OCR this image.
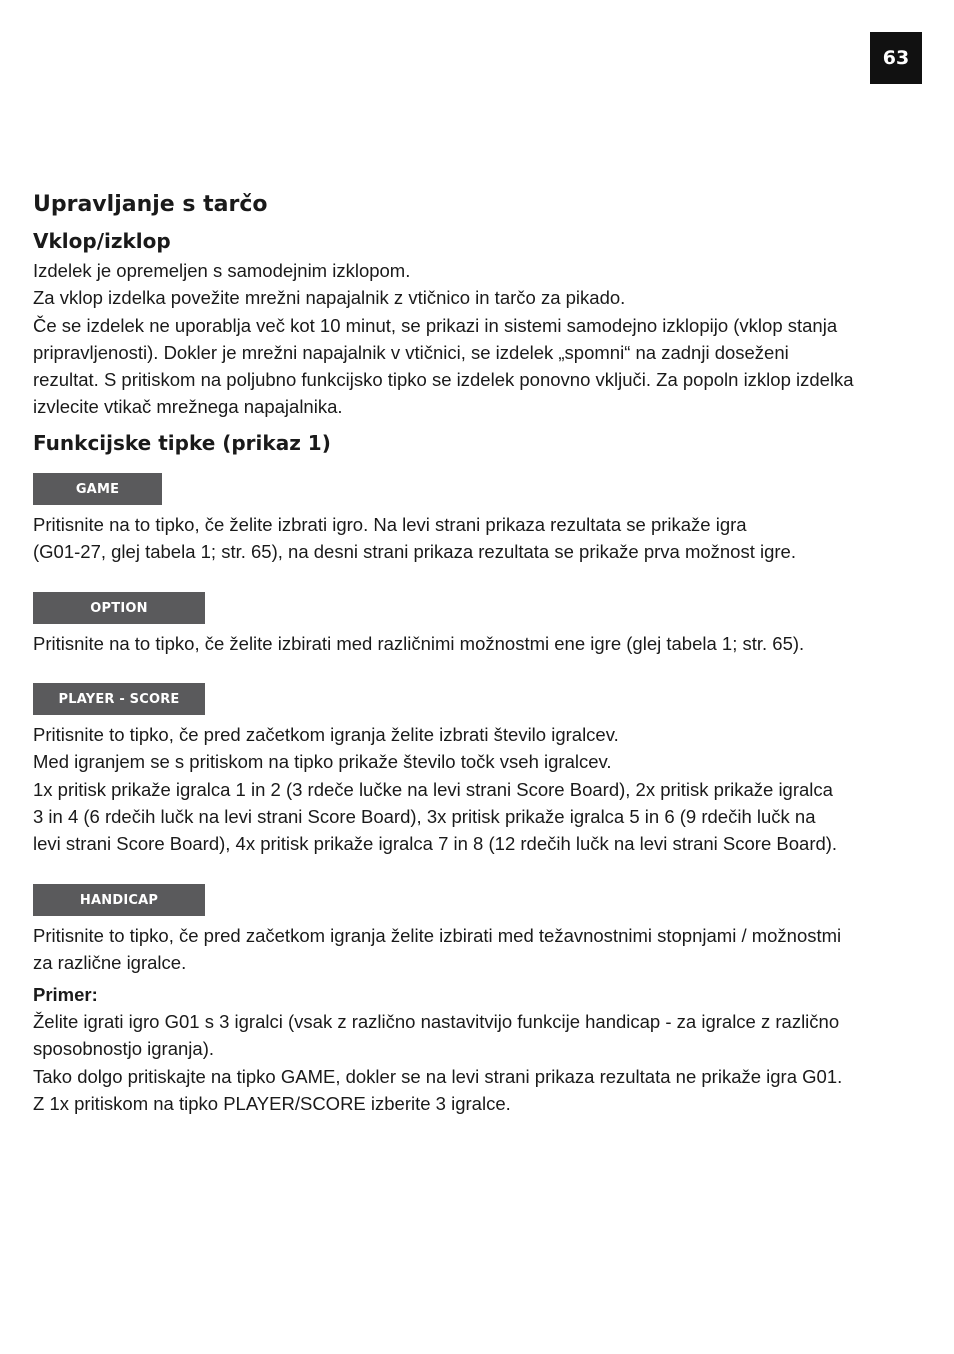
63
Upravljanje s tarčo
Vklop/izklop
Izdelek je opremeljen s samodejnim izklopom.
Za vklop izdelka povežite mrežni napajalnik z vtičnico in tarčo za pikado.
Če se izdelek ne uporablja več kot 10 minut, se prikazi in sistemi samodejno izklopijo (vklop stanja
pripravljenosti). Dokler je mrežni napajalnik v vtičnici, se izdelek „spomni“ na zadnji doseženi
rezultat. S pritiskom na poljubno funkcijsko tipko se izdelek ponovno vključi. Za popoln izklop izdelka
izvlecite vtikač mrežnega napajalnika.
Funkcijske tipke (prikaz 1)
GAME
Pritisnite na to tipko, če želite izbrati igro. Na levi strani prikaza rezultata se prikaže igra
(G01-27, glej tabela 1; str. 65), na desni strani prikaza rezultata se prikaže prva možnost igre.
OPTION
Pritisnite na to tipko, če želite izbirati med različnimi možnostmi ene igre (glej tabela 1; str. 65).
PLAYER - SCORE
Pritisnite to tipko, če pred začetkom igranja želite izbrati število igralcev.
Med igranjem se s pritiskom na tipko prikaže število točk vseh igralcev.
1x pritisk prikaže igralca 1 in 2 (3 rdeče lučke na levi strani Score Board), 2x pritisk prikaže igralca
3 in 4 (6 rdečih lučk na levi strani Score Board), 3x pritisk prikaže igralca 5 in 6 (9 rdečih lučk na
levi strani Score Board), 4x pritisk prikaže igralca 7 in 8 (12 rdečih lučk na levi strani Score Board).
HANDICAP
Pritisnite to tipko, če pred začetkom igranja želite izbirati med težavnostnimi stopnjami / možnostmi
za različne igralce.
Primer:
Želite igrati igro G01 s 3 igralci (vsak z različno nastavitvijo funkcije handicap - za igralce z različno
sposobnostjo igranja).
Tako dolgo pritiskajte na tipko GAME, dokler se na levi strani prikaza rezultata ne prikaže igra G01.
Z 1x pritiskom na tipko PLAYER/SCORE izberite 3 igralce.
